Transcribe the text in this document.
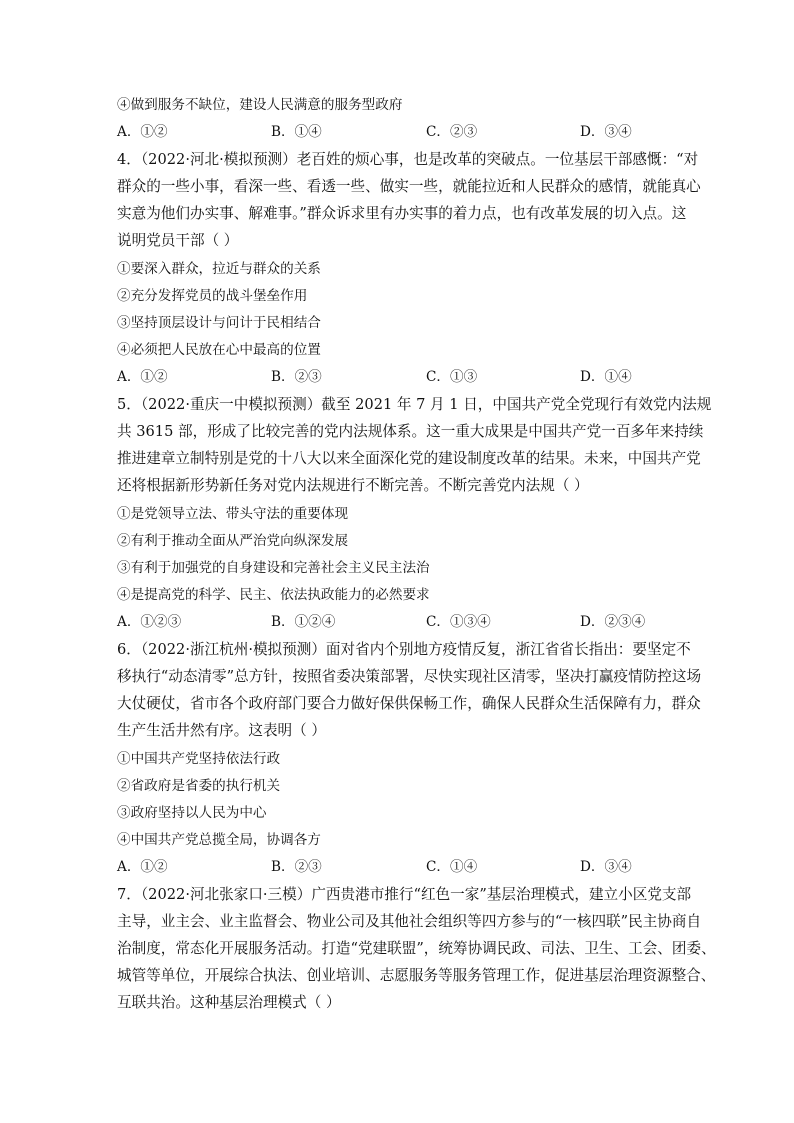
④做到服务不缺位，建设人民满意的服务型政府
A．①②	B．①④	C．②③	D．③④
4．（2022·河北·模拟预测）老百姓的烦心事，也是改革的突破点。一位基层干部感慨：“对
群众的一些小事，看深一些、看透一些、做实一些，就能拉近和人民群众的感情，就能真心
实意为他们办实事、解难事。”群众诉求里有办实事的着力点，也有改革发展的切入点。这
说明党员干部（ ）
①要深入群众，拉近与群众的关系
②充分发挥党员的战斗堡垒作用
③坚持顶层设计与问计于民相结合
④必须把人民放在心中最高的位置
A．①②	B．②③	C．①③	D．①④
5．（2022·重庆一中模拟预测）截至 2021 年 7 月 1 日，中国共产党全党现行有效党内法规
共 3615 部，形成了比较完善的党内法规体系。这一重大成果是中国共产党一百多年来持续
推进建章立制特别是党的十八大以来全面深化党的建设制度改革的结果。未来，中国共产党
还将根据新形势新任务对党内法规进行不断完善。不断完善党内法规（ ）
①是党领导立法、带头守法的重要体现
②有利于推动全面从严治党向纵深发展
③有利于加强党的自身建设和完善社会主义民主法治
④是提高党的科学、民主、依法执政能力的必然要求
A．①②③	B．①②④	C．①③④	D．②③④
6．（2022·浙江杭州·模拟预测）面对省内个别地方疫情反复，浙江省省长指出：要坚定不
移执行“动态清零”总方针，按照省委决策部署，尽快实现社区清零，坚决打赢疫情防控这场
大仗硬仗，省市各个政府部门要合力做好保供保畅工作，确保人民群众生活保障有力，群众
生产生活井然有序。这表明（ ）
①中国共产党坚持依法行政
②省政府是省委的执行机关
③政府坚持以人民为中心
④中国共产党总揽全局，协调各方
A．①②	B．②③	C．①④	D．③④
7．（2022·河北张家口·三模）广西贵港市推行“红色一家”基层治理模式，建立小区党支部
主导，业主会、业主监督会、物业公司及其他社会组织等四方参与的“一核四联”民主协商自
治制度，常态化开展服务活动。打造“党建联盟”，统筹协调民政、司法、卫生、工会、团委、
城管等单位，开展综合执法、创业培训、志愿服务等服务管理工作，促进基层治理资源整合、
互联共治。这种基层治理模式（ ）
